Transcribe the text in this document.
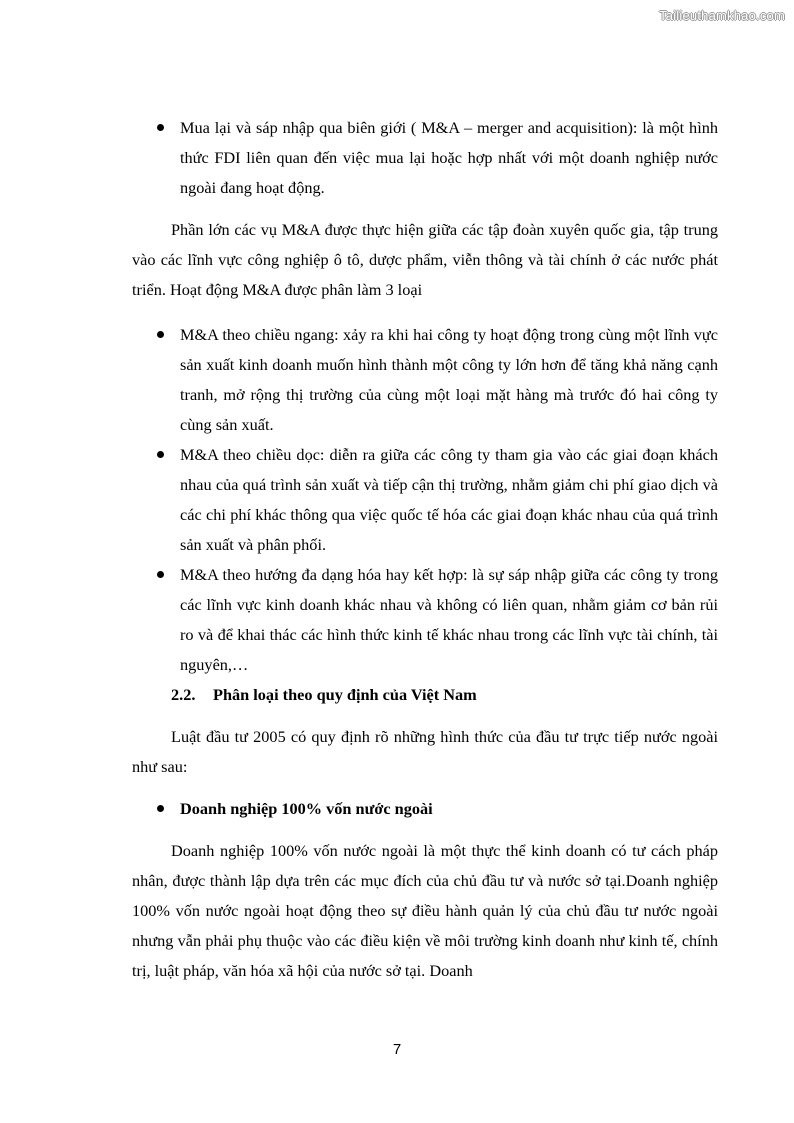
Tailieuthamkhao.com
Mua lại và sáp nhập qua biên giới ( M&A – merger and acquisition): là một hình thức FDI liên quan đến việc mua lại hoặc hợp nhất với một doanh nghiệp nước ngoài đang hoạt động.

Phần lớn các vụ M&A được thực hiện giữa các tập đoàn xuyên quốc gia, tập trung vào các lĩnh vực công nghiệp ô tô, dược phẩm, viễn thông và tài chính ở các nước phát triển. Hoạt động M&A được phân làm 3 loại

M&A theo chiều ngang: xảy ra khi hai công ty hoạt động trong cùng một lĩnh vực sản xuất kinh doanh muốn hình thành một công ty lớn hơn để tăng khả năng cạnh tranh, mở rộng thị trường của cùng một loại mặt hàng mà trước đó hai công ty cùng sản xuất.
M&A theo chiều dọc: diễn ra giữa các công ty tham gia vào các giai đoạn khách nhau của quá trình sản xuất và tiếp cận thị trường, nhằm giảm chi phí giao dịch và các chi phí khác thông qua việc quốc tế hóa các giai đoạn khác nhau của quá trình sản xuất và phân phối.
M&A theo hướng đa dạng hóa hay kết hợp: là sự sáp nhập giữa các công ty trong các lĩnh vực kinh doanh khác nhau và không có liên quan, nhằm giảm cơ bản rủi ro và để khai thác các hình thức kinh tế khác nhau trong các lĩnh vực tài chính, tài nguyên,…
2.2. Phân loại theo quy định của Việt Nam

Luật đầu tư 2005 có quy định rõ những hình thức của đầu tư trực tiếp nước ngoài như sau:

Doanh nghiệp 100% vốn nước ngoài

Doanh nghiệp 100% vốn nước ngoài là một thực thể kinh doanh có tư cách pháp nhân, được thành lập dựa trên các mục đích của chủ đầu tư và nước sở tại.Doanh nghiệp 100% vốn nước ngoài hoạt động theo sự điều hành quản lý của chủ đầu tư nước ngoài nhưng vẫn phải phụ thuộc vào các điều kiện về môi trường kinh doanh như kinh tế, chính trị, luật pháp, văn hóa xã hội của nước sở tại. Doanh

7
